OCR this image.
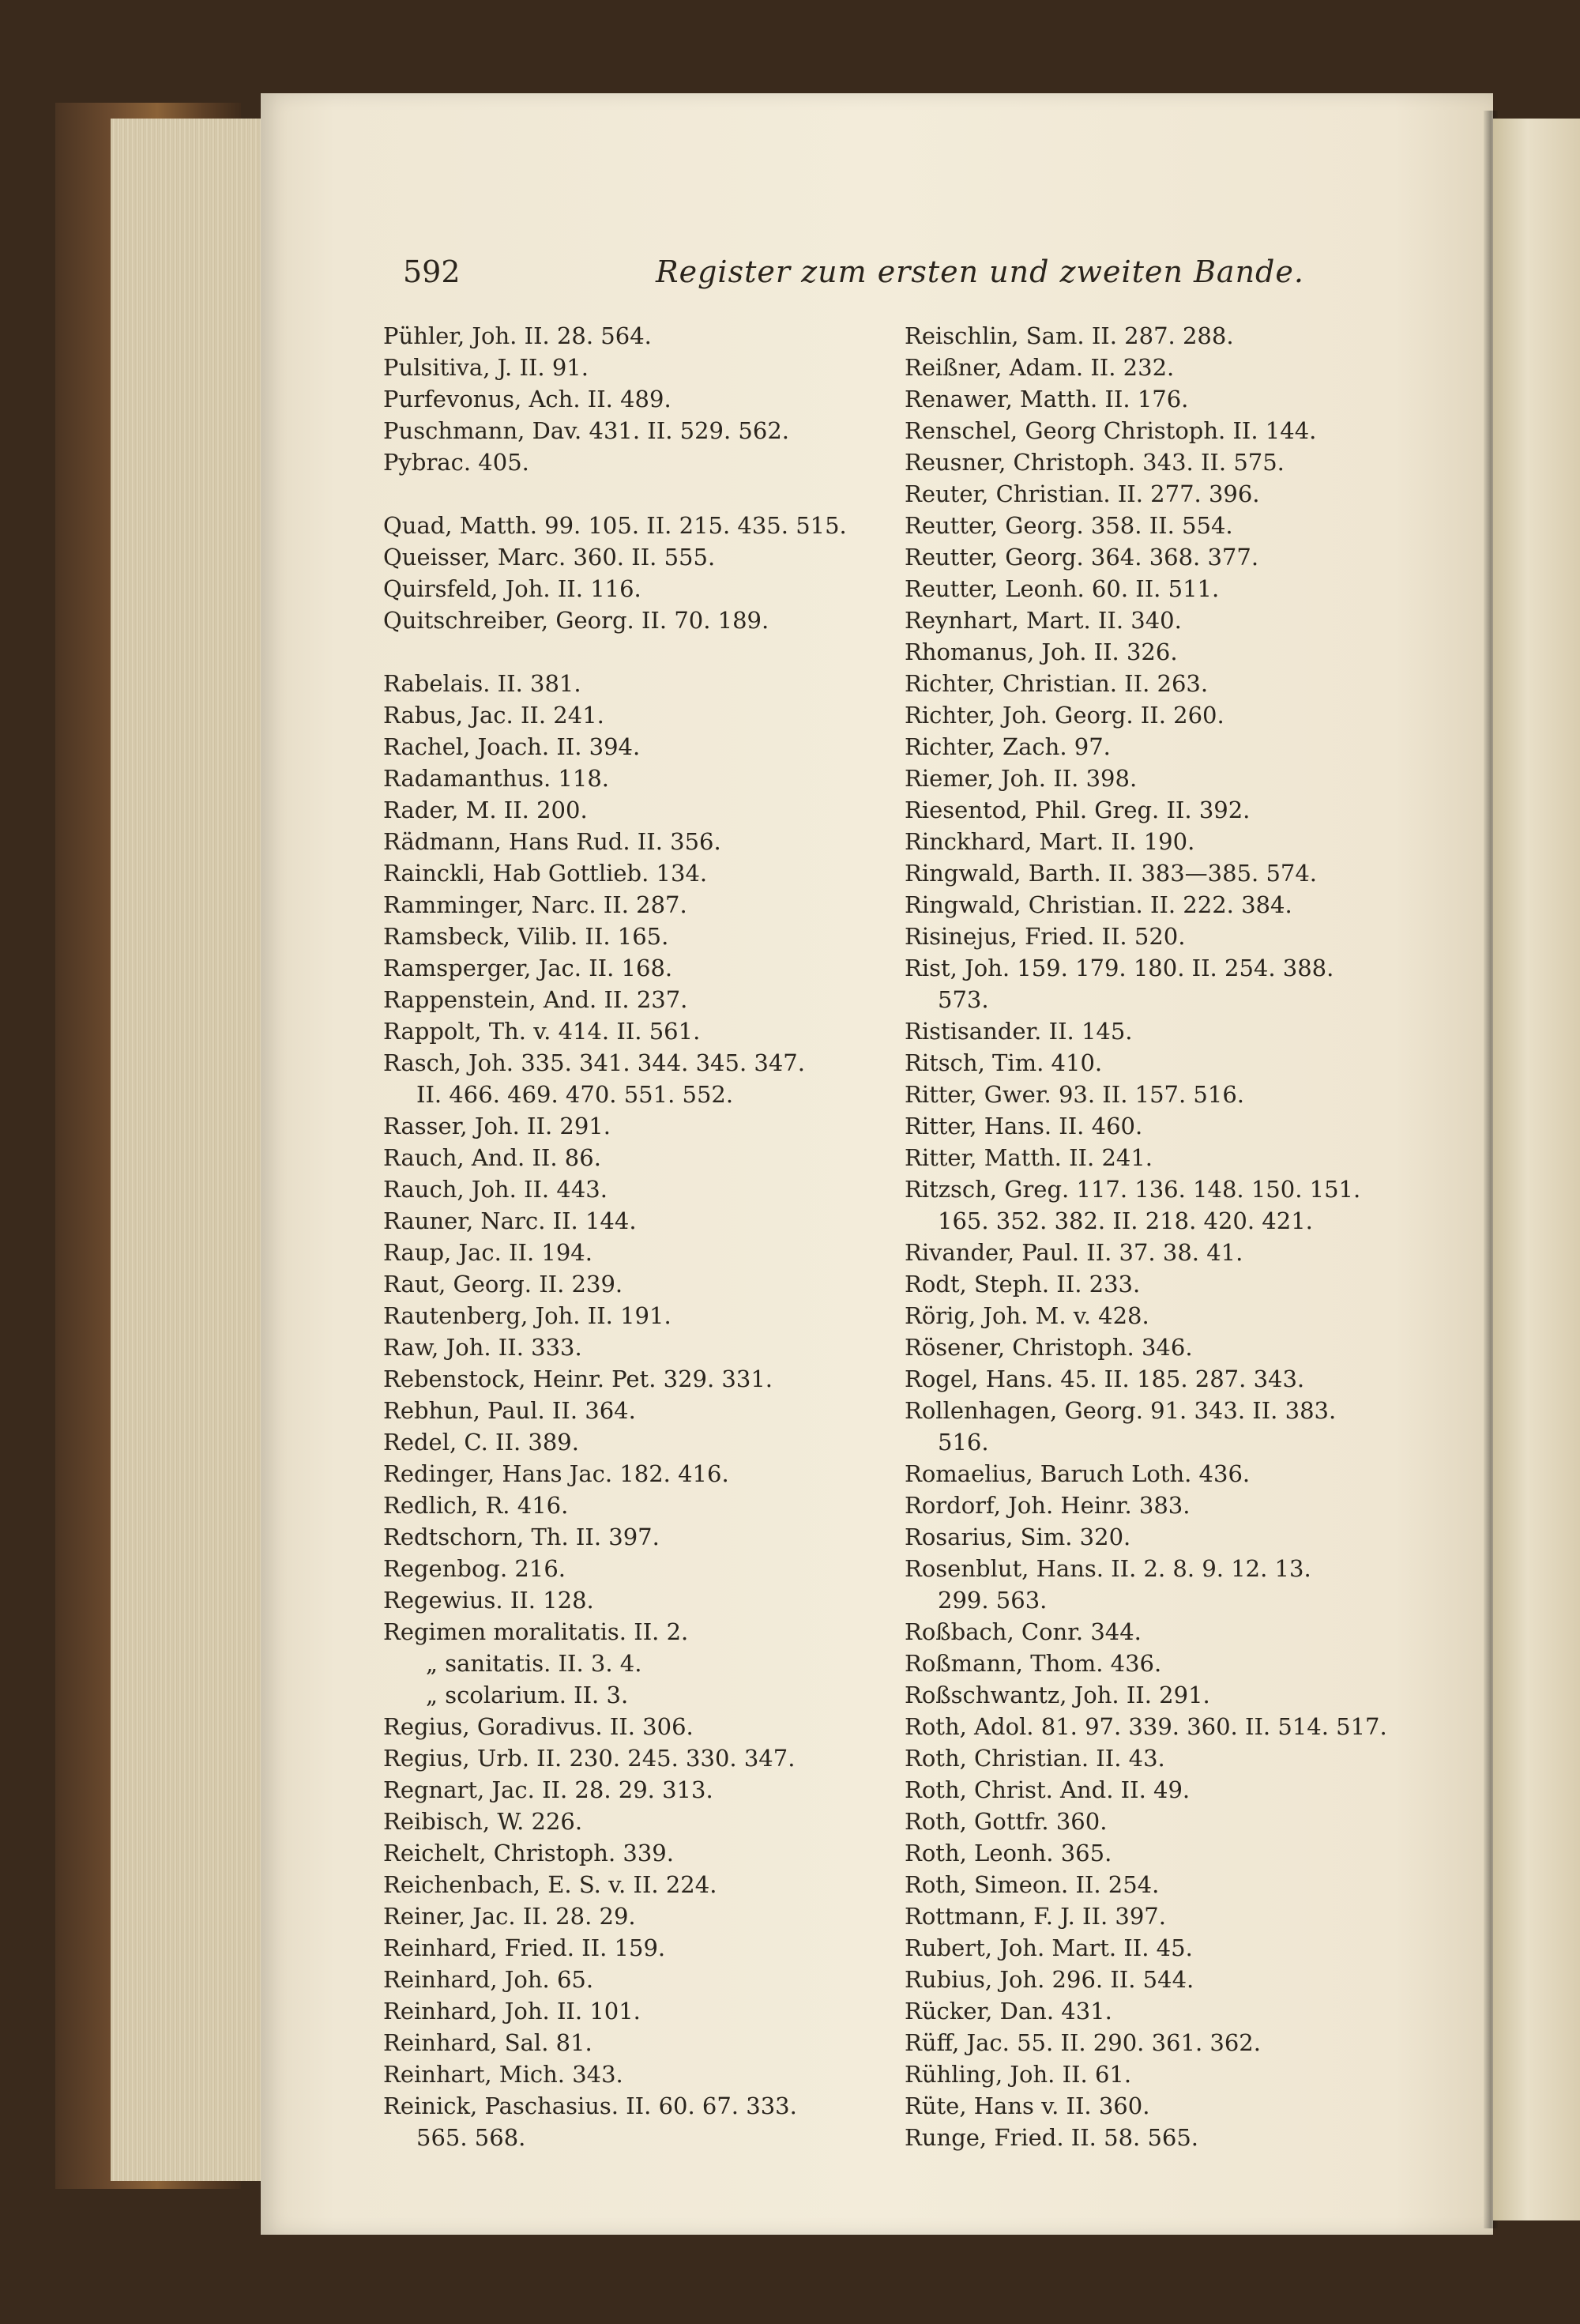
592	Register zum ersten und zweiten Bande.
Pühler, Joh. II. 28. 564.
Pulsitiva, J. II. 91.
Purfevonus, Ach. II. 489.
Puschmann, Dav. 431. II. 529. 562.
Pybrac. 405.
Quad, Matth. 99. 105. II. 215. 435. 515.
Queisser, Marc. 360. II. 555.
Quirsfeld, Joh. II. 116.
Quitschreiber, Georg. II. 70. 189.
Rabelais. II. 381.
Rabus, Jac. II. 241.
Rachel, Joach. II. 394.
Radamanthus. 118.
Rader, M. II. 200.
Rädmann, Hans Rud. II. 356.
Rainckli, Hab Gottlieb. 134.
Ramminger, Narc. II. 287.
Ramsbeck, Vilib. II. 165.
Ramsperger, Jac. II. 168.
Rappenstein, And. II. 237.
Rappolt, Th. v. 414. II. 561.
Rasch, Joh. 335. 341. 344. 345. 347.
II. 466. 469. 470. 551. 552.
Rasser, Joh. II. 291.
Rauch, And. II. 86.
Rauch, Joh. II. 443.
Rauner, Narc. II. 144.
Raup, Jac. II. 194.
Raut, Georg. II. 239.
Rautenberg, Joh. II. 191.
Raw, Joh. II. 333.
Rebenstock, Heinr. Pet. 329. 331.
Rebhun, Paul. II. 364.
Redel, C. II. 389.
Redinger, Hans Jac. 182. 416.
Redlich, R. 416.
Redtschorn, Th. II. 397.
Regenbog. 216.
Regewius. II. 128.
Regimen moralitatis. II. 2.
„ sanitatis. II. 3. 4.
„ scolarium. II. 3.
Regius, Goradivus. II. 306.
Regius, Urb. II. 230. 245. 330. 347.
Regnart, Jac. II. 28. 29. 313.
Reibisch, W. 226.
Reichelt, Christoph. 339.
Reichenbach, E. S. v. II. 224.
Reiner, Jac. II. 28. 29.
Reinhard, Fried. II. 159.
Reinhard, Joh. 65.
Reinhard, Joh. II. 101.
Reinhard, Sal. 81.
Reinhart, Mich. 343.
Reinick, Paschasius. II. 60. 67. 333.
565. 568.
Reischlin, Sam. II. 287. 288.
Reißner, Adam. II. 232.
Renawer, Matth. II. 176.
Renschel, Georg Christoph. II. 144.
Reusner, Christoph. 343. II. 575.
Reuter, Christian. II. 277. 396.
Reutter, Georg. 358. II. 554.
Reutter, Georg. 364. 368. 377.
Reutter, Leonh. 60. II. 511.
Reynhart, Mart. II. 340.
Rhomanus, Joh. II. 326.
Richter, Christian. II. 263.
Richter, Joh. Georg. II. 260.
Richter, Zach. 97.
Riemer, Joh. II. 398.
Riesentod, Phil. Greg. II. 392.
Rinckhard, Mart. II. 190.
Ringwald, Barth. II. 383—385. 574.
Ringwald, Christian. II. 222. 384.
Risinejus, Fried. II. 520.
Rist, Joh. 159. 179. 180. II. 254. 388.
573.
Ristisander. II. 145.
Ritsch, Tim. 410.
Ritter, Gwer. 93. II. 157. 516.
Ritter, Hans. II. 460.
Ritter, Matth. II. 241.
Ritzsch, Greg. 117. 136. 148. 150. 151.
165. 352. 382. II. 218. 420. 421.
Rivander, Paul. II. 37. 38. 41.
Rodt, Steph. II. 233.
Rörig, Joh. M. v. 428.
Rösener, Christoph. 346.
Rogel, Hans. 45. II. 185. 287. 343.
Rollenhagen, Georg. 91. 343. II. 383.
516.
Romaelius, Baruch Loth. 436.
Rordorf, Joh. Heinr. 383.
Rosarius, Sim. 320.
Rosenblut, Hans. II. 2. 8. 9. 12. 13.
299. 563.
Roßbach, Conr. 344.
Roßmann, Thom. 436.
Roßschwantz, Joh. II. 291.
Roth, Adol. 81. 97. 339. 360. II. 514. 517.
Roth, Christian. II. 43.
Roth, Christ. And. II. 49.
Roth, Gottfr. 360.
Roth, Leonh. 365.
Roth, Simeon. II. 254.
Rottmann, F. J. II. 397.
Rubert, Joh. Mart. II. 45.
Rubius, Joh. 296. II. 544.
Rücker, Dan. 431.
Rüff, Jac. 55. II. 290. 361. 362.
Rühling, Joh. II. 61.
Rüte, Hans v. II. 360.
Runge, Fried. II. 58. 565.
